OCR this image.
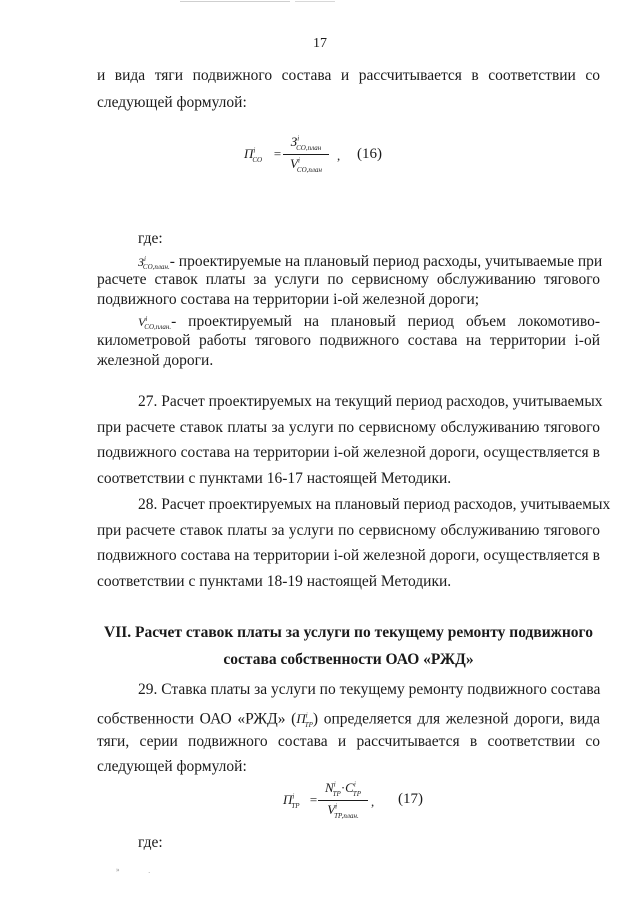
17
и вида тяги подвижного состава и рассчитывается в соответствии со
следующей формулой:
$П^i_{СО}$ =
$З^i_{СО,план}$
$V^i_{СО,план}$
, (16)
где:
$З^i_{СО,план.}-$ проектируемые на плановый период расходы, учитываемые при
расчете ставок платы за услуги по сервисному обслуживанию тягового
подвижного состава на территории i-ой железной дороги;
$V^i_{СО,план.}-$ проектируемый на плановый период объем локомотиво-
километровой работы тягового подвижного состава на территории i-ой
железной дороги.
27. Расчет проектируемых на текущий период расходов, учитываемых
при расчете ставок платы за услуги по сервисному обслуживанию тягового
подвижного состава на территории i-ой железной дороги, осуществляется в
соответствии с пунктами 16-17 настоящей Методики.
28. Расчет проектируемых на плановый период расходов, учитываемых
при расчете ставок платы за услуги по сервисному обслуживанию тягового
подвижного состава на территории i-ой железной дороги, осуществляется в
соответствии с пунктами 18-19 настоящей Методики.
VII. Расчет ставок платы за услуги по текущему ремонту подвижного
состава собственности ОАО «РЖД»
29. Ставка платы за услуги по текущему ремонту подвижного состава
собственности ОАО «РЖД» $(П^i_{ТР})$ определяется для железной дороги, вида
тяги, серии подвижного состава и рассчитывается в соответствии со
следующей формулой:
$П^i_{ТР}$ =
$N^i_{ТР}\cdot C^i_{ТР}$
$V^i_{ТР,план.}$
, (17)
где:
»	·
